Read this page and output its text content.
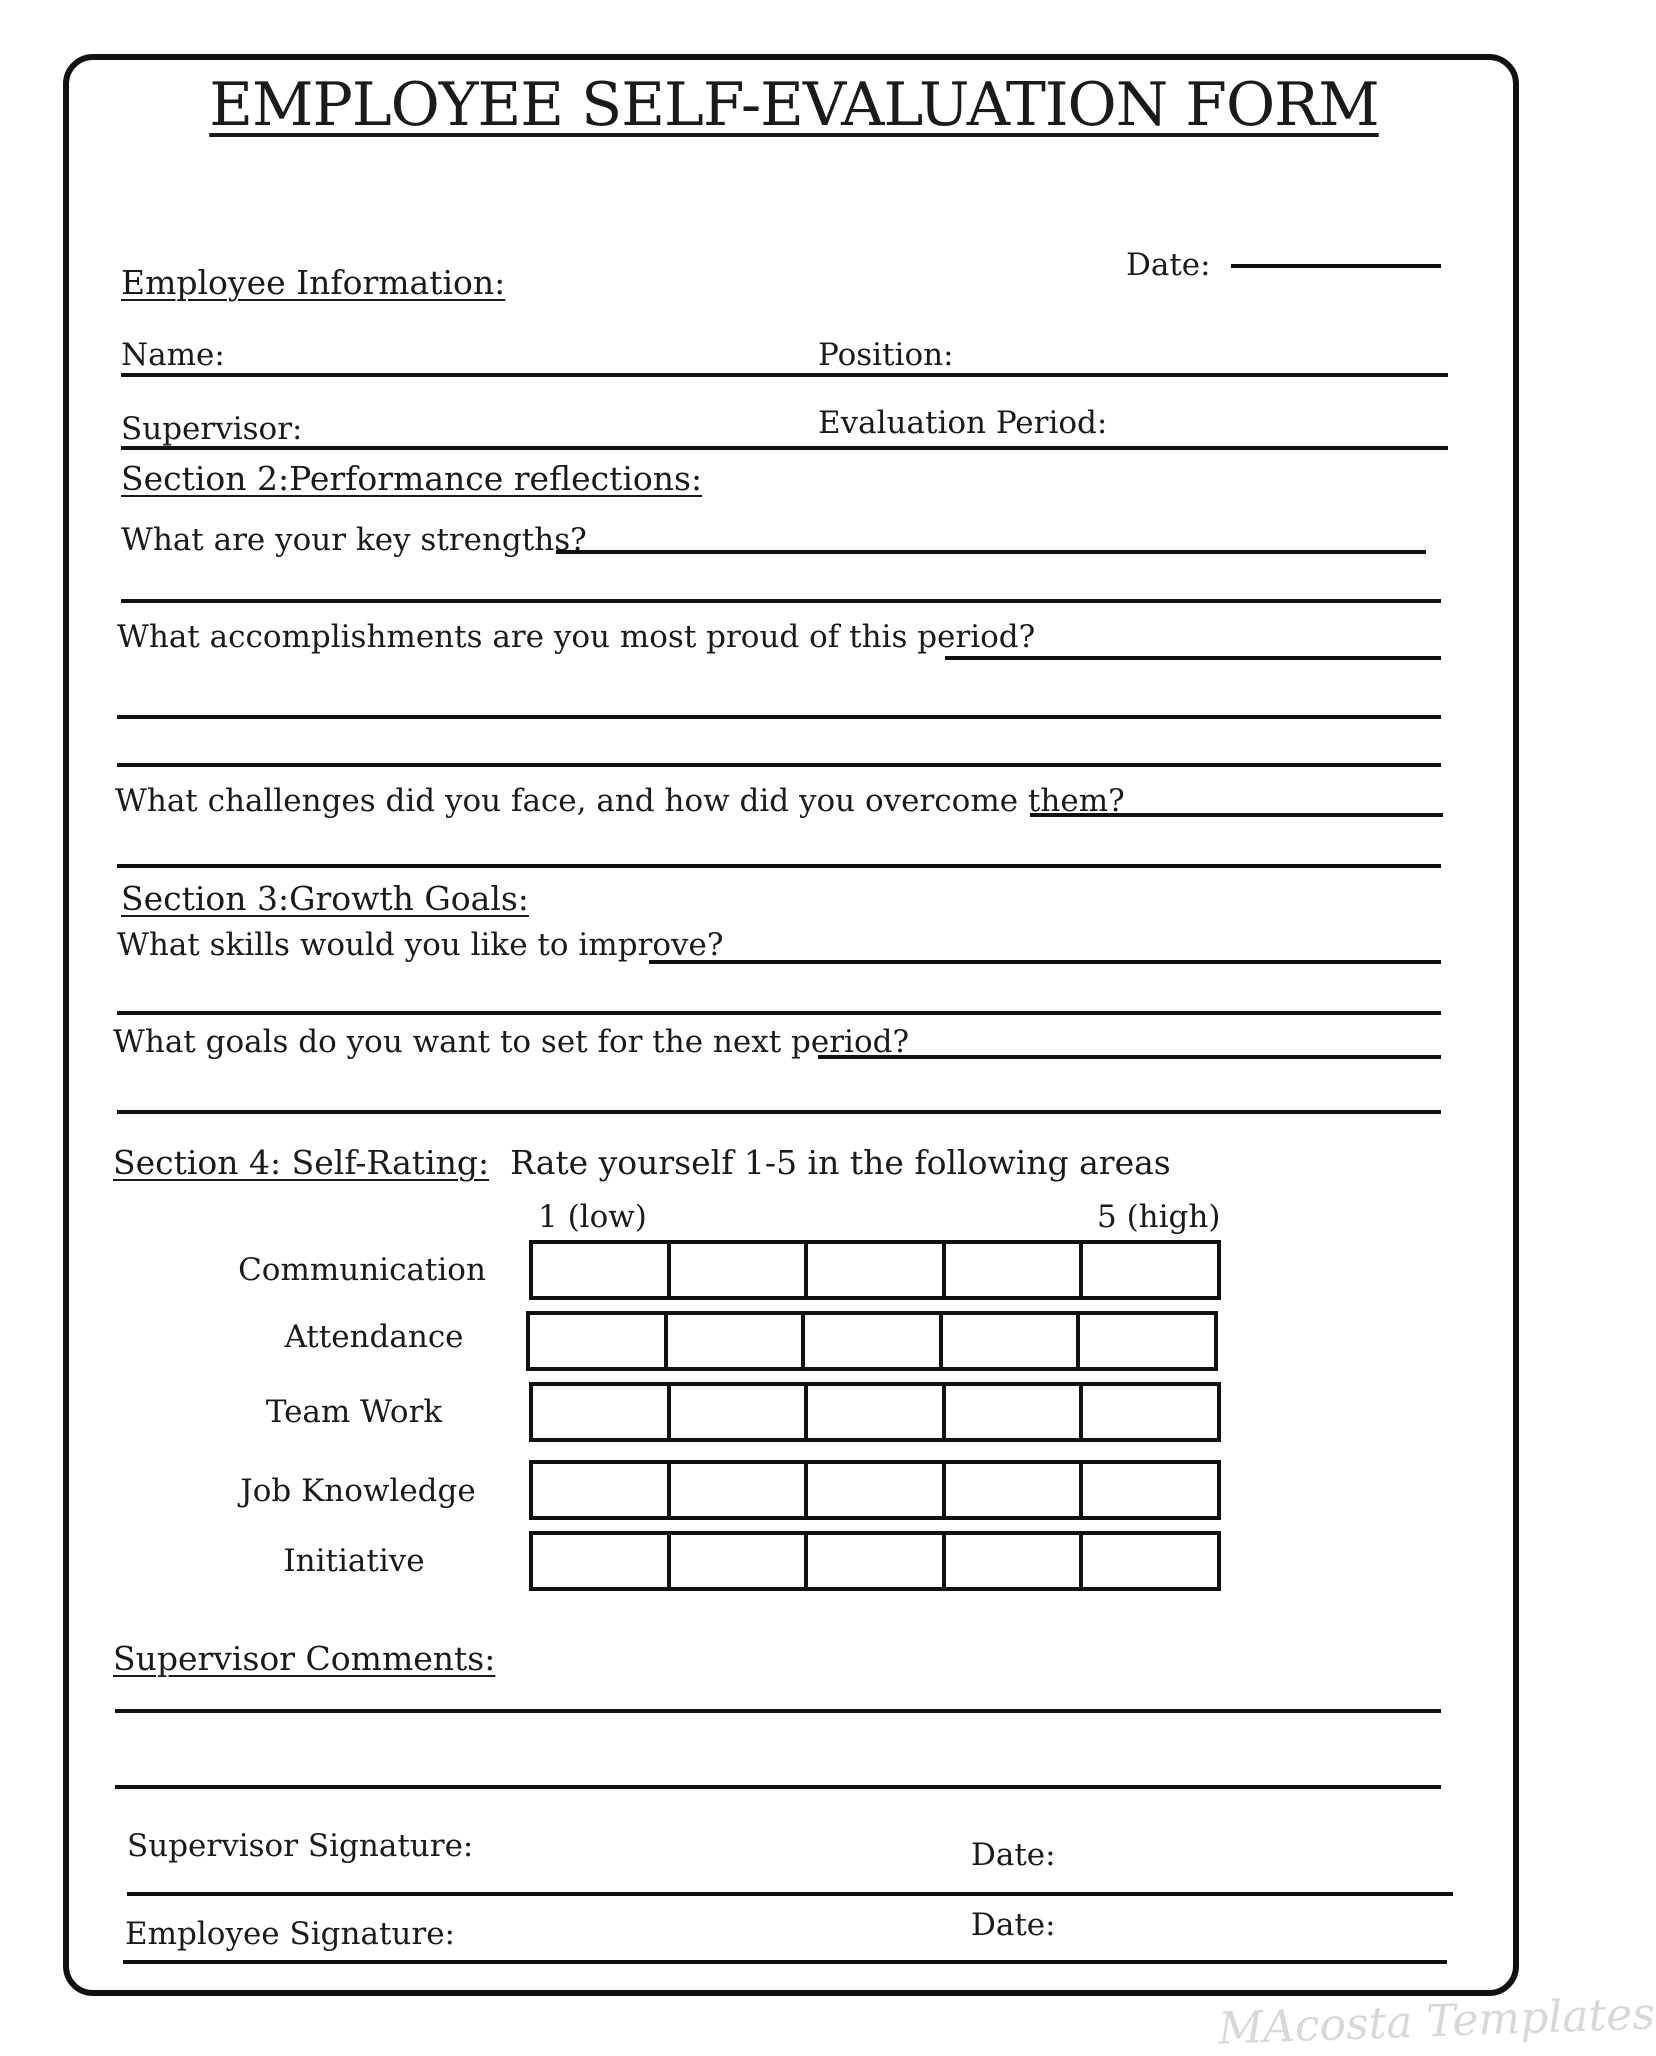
EMPLOYEE SELF-EVALUATION FORM
Employee Information:	Date:
Name:	Position:
Supervisor:	Evaluation Period:
Section 2:Performance reflections:
What are your key strengths?
What accomplishments are you most proud of this period?
What challenges did you face, and how did you overcome them?
Section 3:Growth Goals:
What skills would you like to improve?
What goals do you want to set for the next period?
Section 4: Self-Rating: Rate yourself 1-5 in the following areas
1 (low)	5 (high)
Communication
Attendance
Team Work
Job Knowledge
Initiative
Supervisor Comments:
Supervisor Signature:	Date:
Employee Signature:	Date:
MAcosta Templates
